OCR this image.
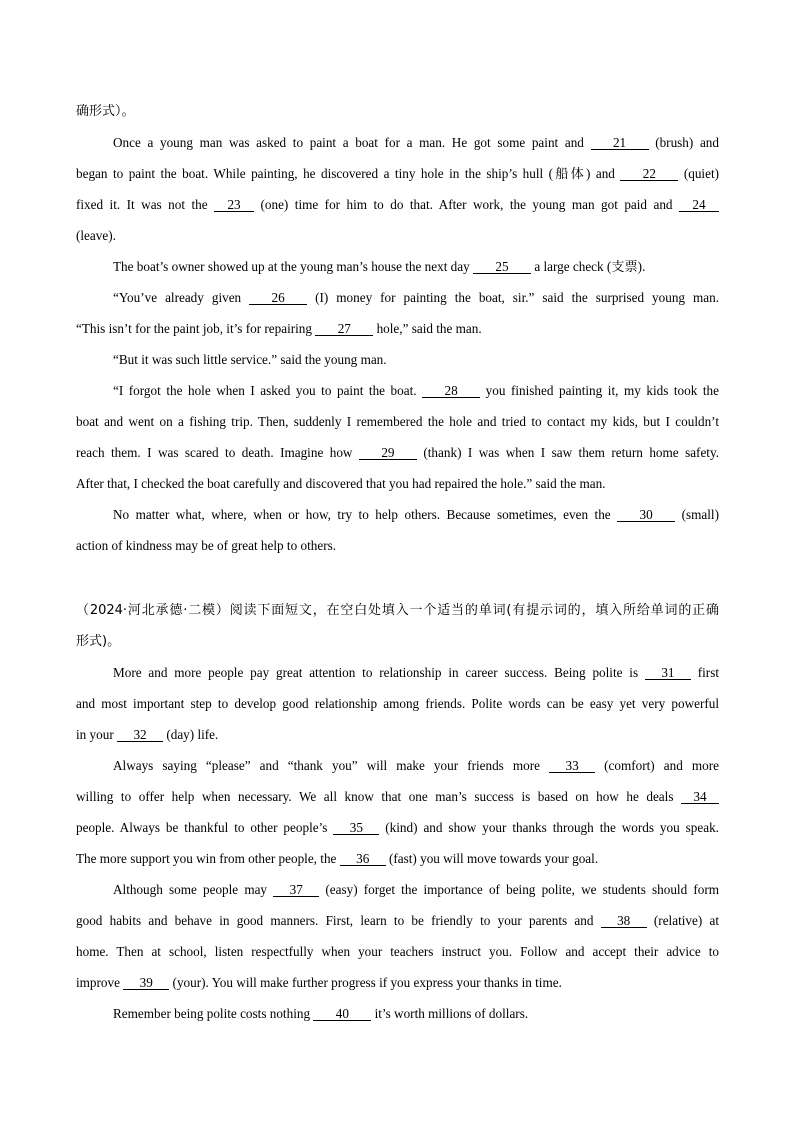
确形式）。
Once a young man was asked to paint a boat for a man. He got some paint and 21 (brush) and
began to paint the boat. While painting, he discovered a tiny hole in the ship’s hull (船体) and 22 (quiet)
fixed it. It was not the 23 (one) time for him to do that. After work, the young man got paid and 24
(leave).
The boat’s owner showed up at the young man’s house the next day 25 a large check (支票).
“You’ve already given 26 (I) money for painting the boat, sir.” said the surprised young man.
“This isn’t for the paint job, it’s for repairing 27 hole,” said the man.
“But it was such little service.” said the young man.
“I forgot the hole when I asked you to paint the boat. 28 you finished painting it, my kids took the
boat and went on a fishing trip. Then, suddenly I remembered the hole and tried to contact my kids, but I couldn’t
reach them. I was scared to death. Imagine how 29 (thank) I was when I saw them return home safety.
After that, I checked the boat carefully and discovered that you had repaired the hole.” said the man.
No matter what, where, when or how, try to help others. Because sometimes, even the 30 (small)
action of kindness may be of great help to others.
（2024·河北承德·二模）阅读下面短文，在空白处填入一个适当的单词(有提示词的，填入所给单词的正确
形式)。
More and more people pay great attention to relationship in career success. Being polite is 31 first
and most important step to develop good relationship among friends. Polite words can be easy yet very powerful
in your 32 (day) life.
Always saying “please” and “thank you” will make your friends more 33 (comfort) and more
willing to offer help when necessary. We all know that one man’s success is based on how he deals 34
people. Always be thankful to other people’s 35 (kind) and show your thanks through the words you speak.
The more support you win from other people, the 36 (fast) you will move towards your goal.
Although some people may 37 (easy) forget the importance of being polite, we students should form
good habits and behave in good manners. First, learn to be friendly to your parents and 38 (relative) at
home. Then at school, listen respectfully when your teachers instruct you. Follow and accept their advice to
improve 39 (your). You will make further progress if you express your thanks in time.
Remember being polite costs nothing 40 it’s worth millions of dollars.
